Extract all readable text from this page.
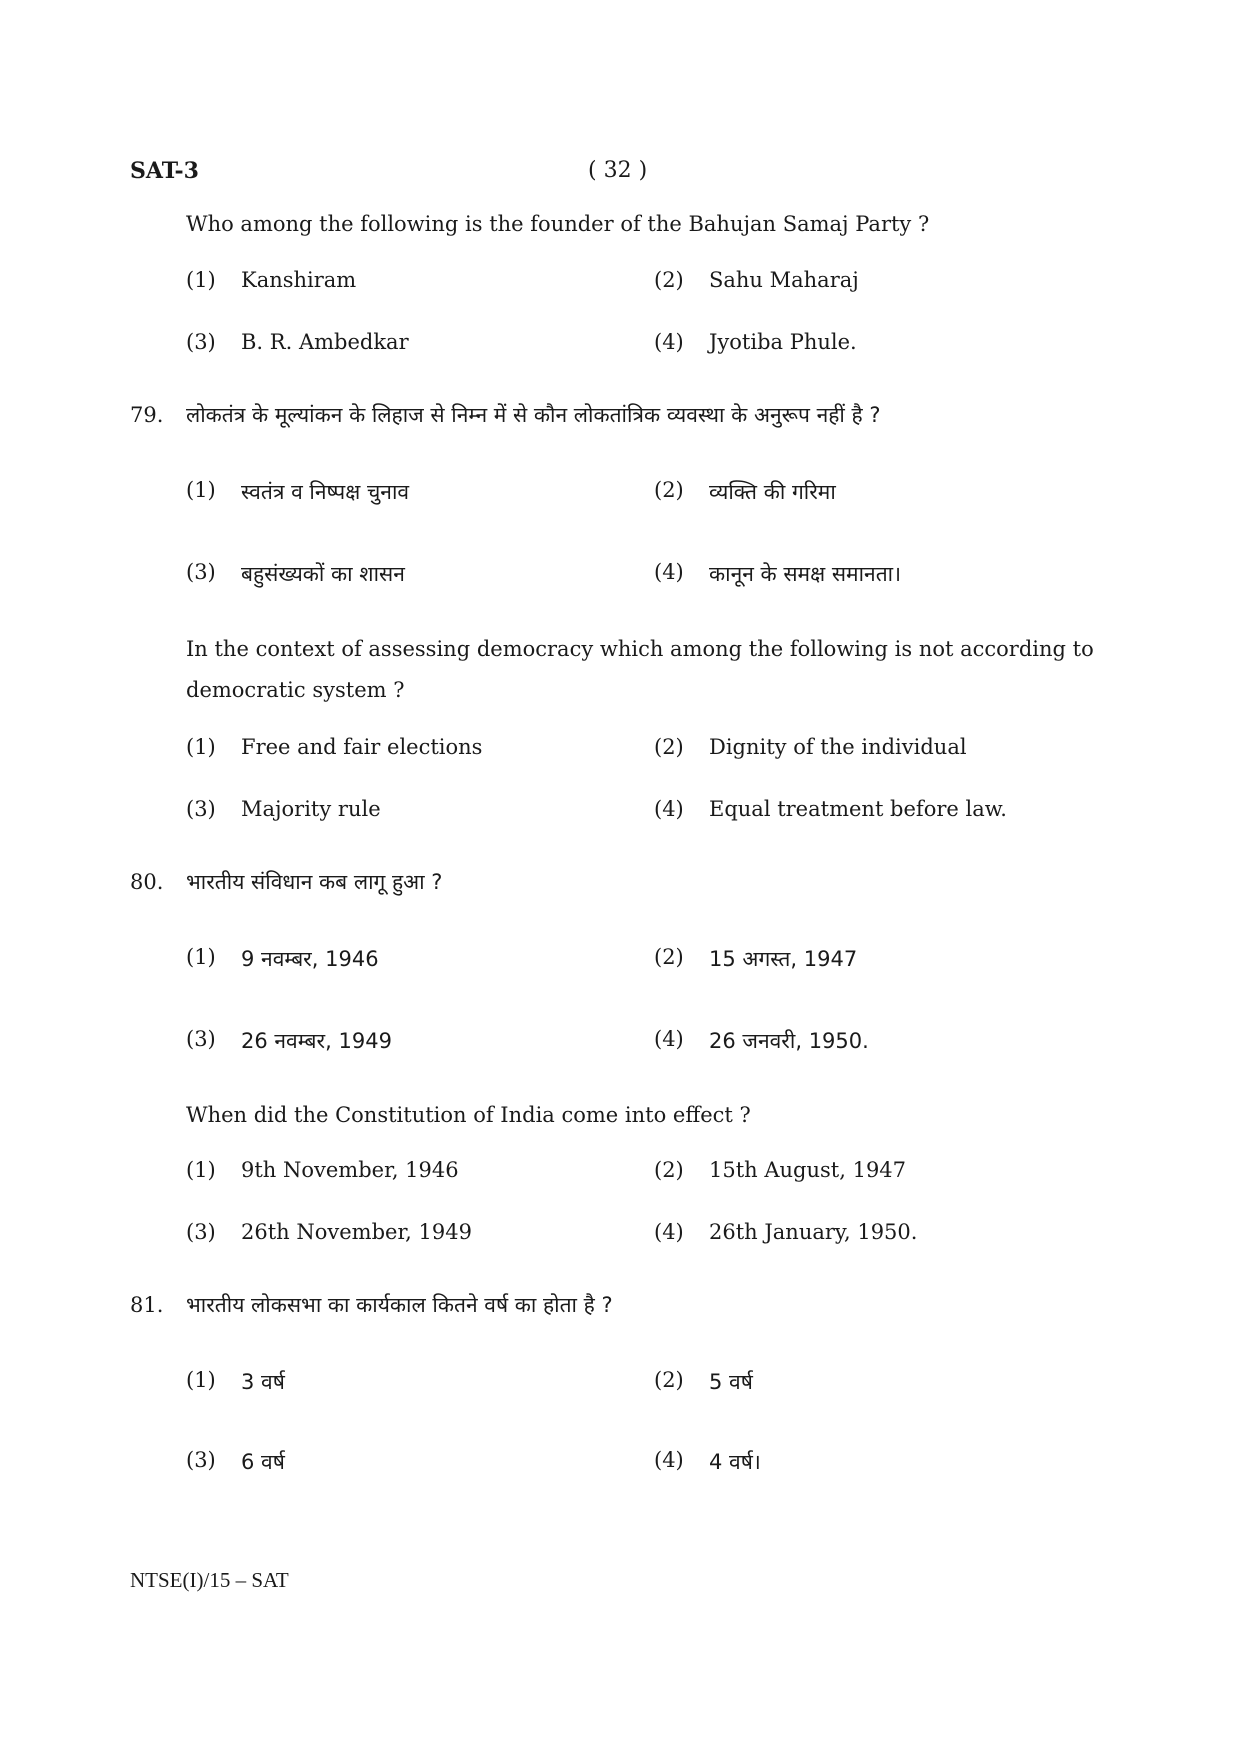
SAT-3	( 32 )
Who among the following is the founder of the Bahujan Samaj Party ?
(1) Kanshiram	(2) Sahu Maharaj
(3) B. R. Ambedkar	(4) Jyotiba Phule.
79.	लोकतंत्र के मूल्यांकन के लिहाज से निम्न में से कौन लोकतांत्रिक व्यवस्था के अनुरूप नहीं है ?
(1) स्वतंत्र व निष्पक्ष चुनाव	(2) व्यक्ति की गरिमा
(3) बहुसंख्यकों का शासन	(4) कानून के समक्ष समानता।
In the context of assessing democracy which among the following is not according to democratic system ?
(1) Free and fair elections	(2) Dignity of the individual
(3) Majority rule	(4) Equal treatment before law.
80.	भारतीय संविधान कब लागू हुआ ?
(1) 9 नवम्बर, 1946	(2) 15 अगस्त, 1947
(3) 26 नवम्बर, 1949	(4) 26 जनवरी, 1950.
When did the Constitution of India come into effect ?
(1) 9th November, 1946	(2) 15th August, 1947
(3) 26th November, 1949	(4) 26th January, 1950.
81.	भारतीय लोकसभा का कार्यकाल कितने वर्ष का होता है ?
(1) 3 वर्ष	(2) 5 वर्ष
(3) 6 वर्ष	(4) 4 वर्ष।
NTSE(I)/15 – SAT
